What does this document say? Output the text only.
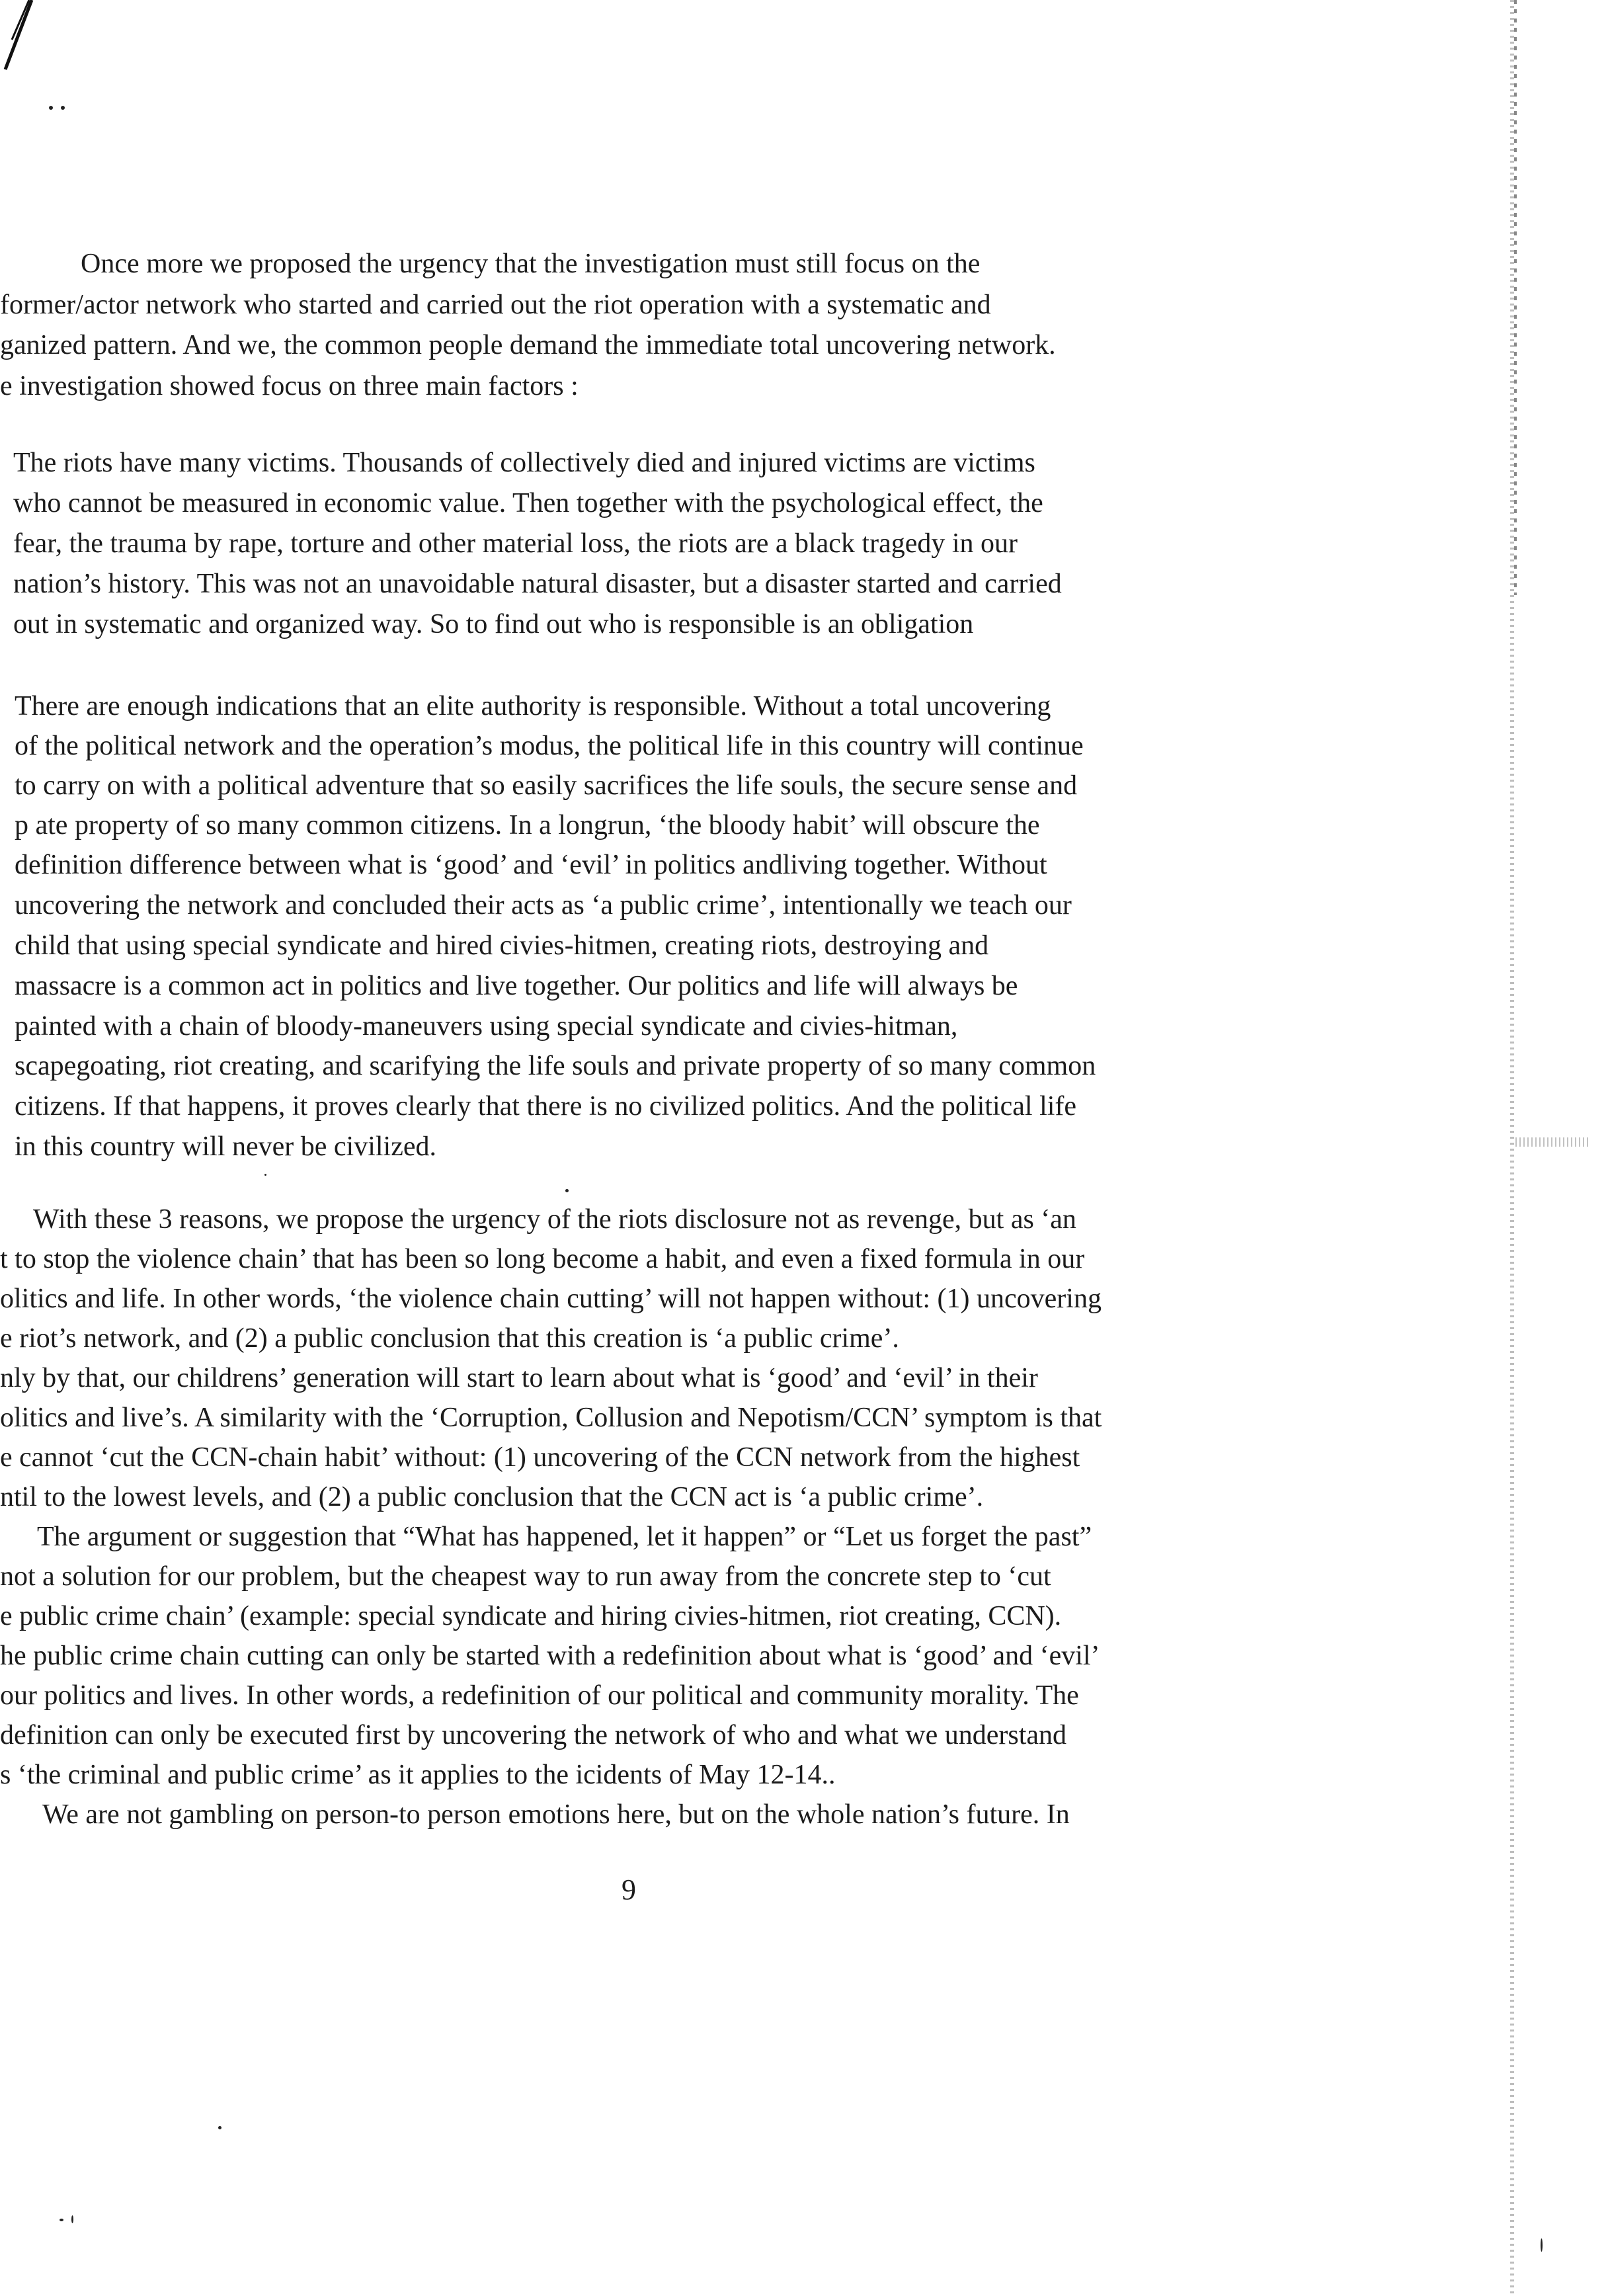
Once more we proposed the urgency that the investigation must still focus on the
former/actor network who started and carried out the riot operation with a systematic and
ganized pattern. And we, the common people demand the immediate total uncovering network.
e investigation showed focus on three main factors :
The riots have many victims. Thousands of collectively died and injured victims are victims
who cannot be measured in economic value. Then together with the psychological effect, the
fear, the trauma by rape, torture and other material loss, the riots are a black tragedy in our
nation’s history. This was not an unavoidable natural disaster, but a disaster started and carried
out in systematic and organized way. So to find out who is responsible is an obligation
There are enough indications that an elite authority is responsible. Without a total uncovering
of the political network and the operation’s modus, the political life in this country will continue
to carry on with a political adventure that so easily sacrifices the life souls, the secure sense and
p ate property of so many common citizens. In a longrun, ‘the bloody habit’ will obscure the
definition difference between what is ‘good’ and ‘evil’ in politics andliving together. Without
uncovering the network and concluded their acts as ‘a public crime’, intentionally we teach our
child that using special syndicate and hired civies-hitmen, creating riots, destroying and
massacre is a common act in politics and live together. Our politics and life will always be
painted with a chain of bloody-maneuvers using special syndicate and civies-hitman,
scapegoating, riot creating, and scarifying the life souls and private property of so many common
citizens. If that happens, it proves clearly that there is no civilized politics. And the political life
in this country will never be civilized.
With these 3 reasons, we propose the urgency of the riots disclosure not as revenge, but as ‘an
t to stop the violence chain’ that has been so long become a habit, and even a fixed formula in our
olitics and life. In other words, ‘the violence chain cutting’ will not happen without: (1) uncovering
e riot’s network, and (2) a public conclusion that this creation is ‘a public crime’.
nly by that, our childrens’ generation will start to learn about what is ‘good’ and ‘evil’ in their
olitics and live’s. A similarity with the ‘Corruption, Collusion and Nepotism/CCN’ symptom is that
e cannot ‘cut the CCN-chain habit’ without: (1) uncovering of the CCN network from the highest
ntil to the lowest levels, and (2) a public conclusion that the CCN act is ‘a public crime’.
The argument or suggestion that “What has happened, let it happen” or “Let us forget the past”
not a solution for our problem, but the cheapest way to run away from the concrete step to ‘cut
e public crime chain’ (example: special syndicate and hiring civies-hitmen, riot creating, CCN).
he public crime chain cutting can only be started with a redefinition about what is ‘good’ and ‘evil’
our politics and lives. In other words, a redefinition of our political and community morality. The
definition can only be executed first by uncovering the network of who and what we understand
s ‘the criminal and public crime’ as it applies to the icidents of May 12-14..
We are not gambling on person-to person emotions here, but on the whole nation’s future. In
9
